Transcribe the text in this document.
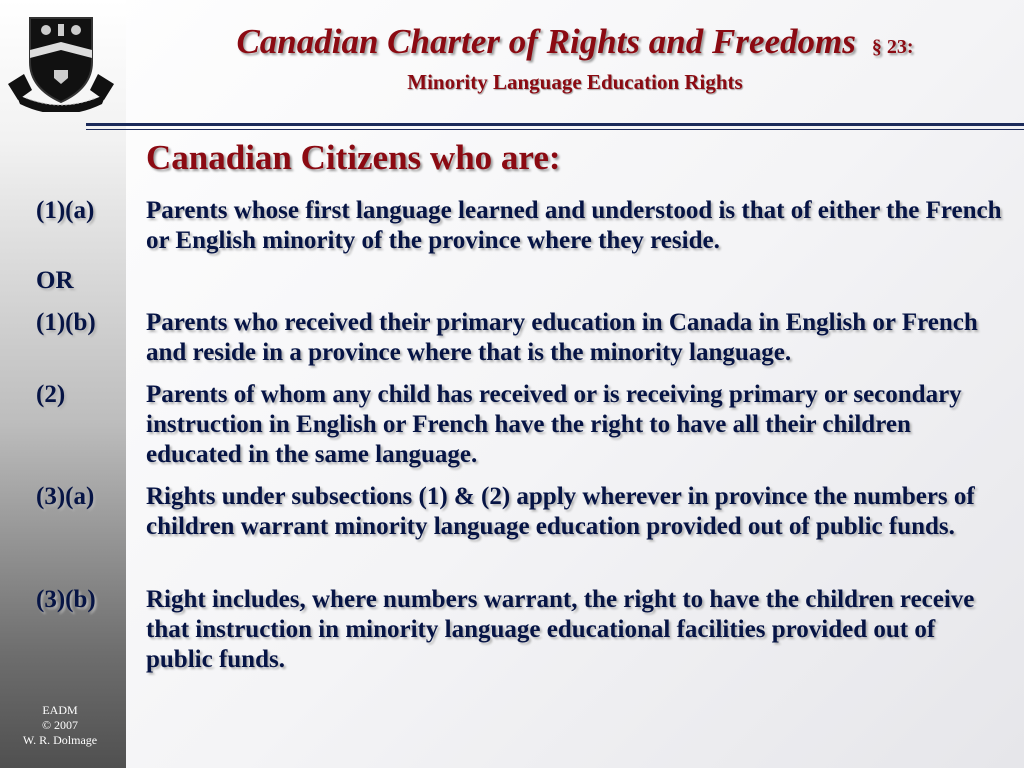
EADM
© 2007
W. R. Dolmage
Canadian Charter of Rights and Freedoms § 23:
Minority Language Education Rights
Canadian Citizens who are:
(1)(a)	Parents whose first language learned and understood is that of either the French or English minority of the province where they reside.
OR
(1)(b)	Parents who received their primary education in Canada in English or French and reside in a province where that is the minority language.
(2)	Parents of whom any child has received or is receiving primary or secondary instruction in English or French have the right to have all their children educated in the same language.
(3)(a)	Rights under subsections (1) & (2) apply wherever in province the numbers of children warrant minority language education provided out of public funds.
(3)(b)	Right includes, where numbers warrant, the right to have the children receive that instruction in minority language educational facilities provided out of public funds.
